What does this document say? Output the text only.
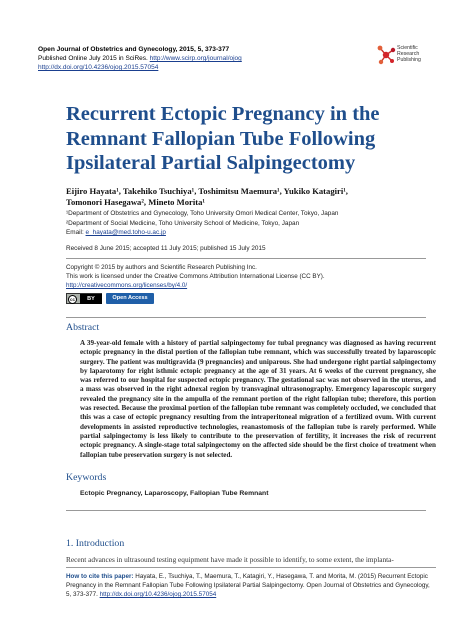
Open Journal of Obstetrics and Gynecology, 2015, 5, 373-377
Published Online July 2015 in SciRes. http://www.scirp.org/journal/ojog
http://dx.doi.org/10.4236/ojog.2015.57054
Scientific
Research
Publishing
Recurrent Ectopic Pregnancy in the Remnant Fallopian Tube Following Ipsilateral Partial Salpingectomy
Eijiro Hayata¹, Takehiko Tsuchiya¹, Toshimitsu Maemura¹, Yukiko Katagiri¹,
Tomonori Hasegawa², Mineto Morita¹
¹Department of Obstetrics and Gynecology, Toho University Omori Medical Center, Tokyo, Japan
²Department of Social Medicine, Toho University School of Medicine, Tokyo, Japan
Email: e_hayata@med.toho-u.ac.jp
Received 8 June 2015; accepted 11 July 2015; published 15 July 2015
Copyright © 2015 by authors and Scientific Research Publishing Inc.
This work is licensed under the Creative Commons Attribution International License (CC BY).
http://creativecommons.org/licenses/by/4.0/
cc	BY	Open Access
Abstract
A 39-year-old female with a history of partial salpingectomy for tubal pregnancy was diagnosed as having recurrent ectopic pregnancy in the distal portion of the fallopian tube remnant, which was successfully treated by laparoscopic surgery. The patient was multigravida (9 pregnancies) and uniparous. She had undergone right partial salpingectomy by laparotomy for right isthmic ectopic pregnancy at the age of 31 years. At 6 weeks of the current pregnancy, she was referred to our hospital for suspected ectopic pregnancy. The gestational sac was not observed in the uterus, and a mass was observed in the right adnexal region by transvaginal ultrasonography. Emergency laparoscopic surgery revealed the pregnancy site in the ampulla of the remnant portion of the right fallopian tube; therefore, this portion was resected. Because the proximal portion of the fallopian tube remnant was completely occluded, we concluded that this was a case of ectopic pregnancy resulting from the intraperitoneal migration of a fertilized ovum. With current developments in assisted reproductive technologies, reanastomosis of the fallopian tube is rarely performed. While partial salpingectomy is less likely to contribute to the preservation of fertility, it increases the risk of recurrent ectopic pregnancy. A single-stage total salpingectomy on the affected side should be the first choice of treatment when fallopian tube preservation surgery is not selected.
Keywords
Ectopic Pregnancy, Laparoscopy, Fallopian Tube Remnant
1. Introduction
Recent advances in ultrasound testing equipment have made it possible to identify, to some extent, the implanta-
How to cite this paper: Hayata, E., Tsuchiya, T., Maemura, T., Katagiri, Y., Hasegawa, T. and Morita, M. (2015) Recurrent Ectopic Pregnancy in the Remnant Fallopian Tube Following Ipsilateral Partial Salpingectomy. Open Journal of Obstetrics and Gynecology, 5, 373-377. http://dx.doi.org/10.4236/ojog.2015.57054
